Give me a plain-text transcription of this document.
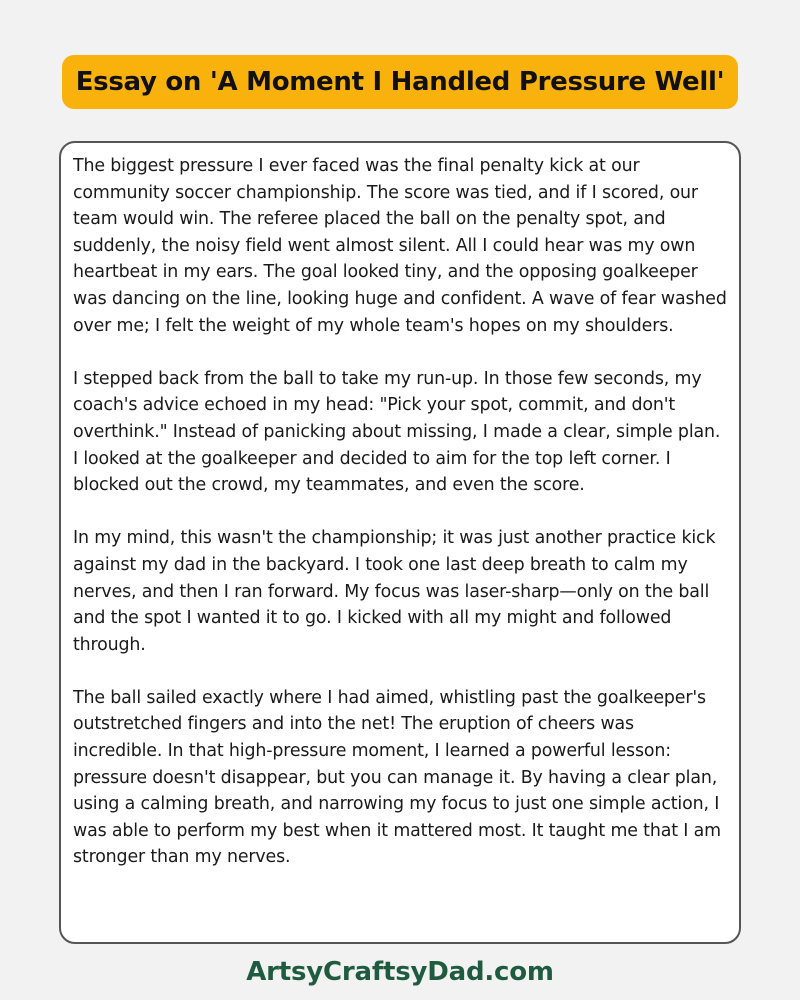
Essay on 'A Moment I Handled Pressure Well'

The biggest pressure I ever faced was the final penalty kick at our community soccer championship. The score was tied, and if I scored, our team would win. The referee placed the ball on the penalty spot, and suddenly, the noisy field went almost silent. All I could hear was my own heartbeat in my ears. The goal looked tiny, and the opposing goalkeeper was dancing on the line, looking huge and confident. A wave of fear washed over me; I felt the weight of my whole team's hopes on my shoulders.

I stepped back from the ball to take my run-up. In those few seconds, my coach's advice echoed in my head: "Pick your spot, commit, and don't overthink." Instead of panicking about missing, I made a clear, simple plan. I looked at the goalkeeper and decided to aim for the top left corner. I blocked out the crowd, my teammates, and even the score.

In my mind, this wasn't the championship; it was just another practice kick against my dad in the backyard. I took one last deep breath to calm my nerves, and then I ran forward. My focus was laser-sharp—only on the ball and the spot I wanted it to go. I kicked with all my might and followed through.

The ball sailed exactly where I had aimed, whistling past the goalkeeper's outstretched fingers and into the net! The eruption of cheers was incredible. In that high-pressure moment, I learned a powerful lesson: pressure doesn't disappear, but you can manage it. By having a clear plan, using a calming breath, and narrowing my focus to just one simple action, I was able to perform my best when it mattered most. It taught me that I am stronger than my nerves.

ArtsyCraftsyDad.com
